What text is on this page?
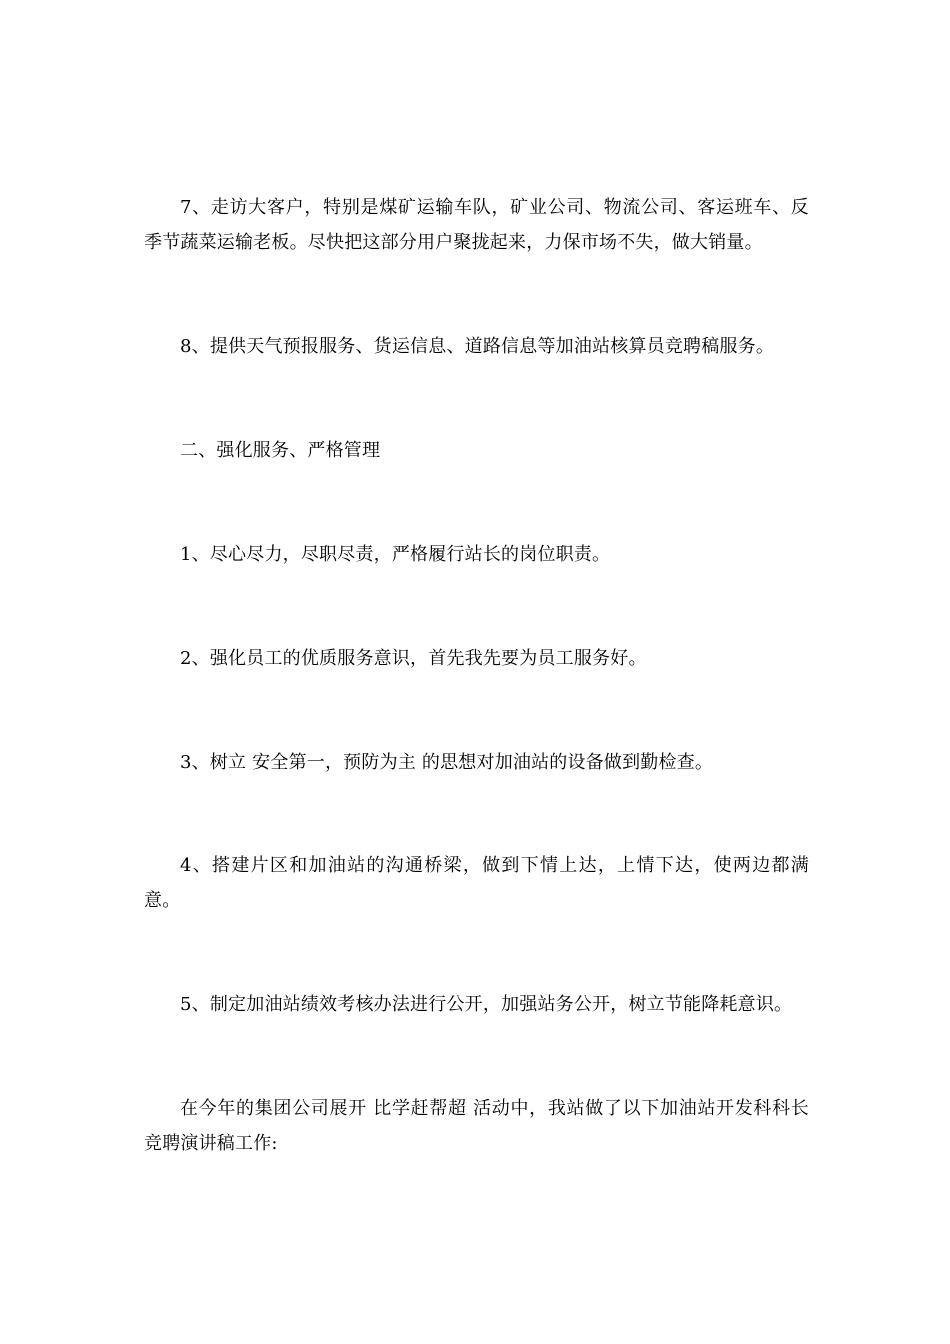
7、走访大客户，特别是煤矿运输车队，矿业公司、物流公司、客运班车、反季节蔬菜运输老板。尽快把这部分用户聚拢起来，力保市场不失，做大销量。

8、提供天气预报服务、货运信息、道路信息等加油站核算员竞聘稿服务。

二、强化服务、严格管理

1、尽心尽力，尽职尽责，严格履行站长的岗位职责。

2、强化员工的优质服务意识，首先我先要为员工服务好。

3、树立 安全第一，预防为主 的思想对加油站的设备做到勤检查。

4、搭建片区和加油站的沟通桥梁，做到下情上达，上情下达，使两边都满意。

5、制定加油站绩效考核办法进行公开，加强站务公开，树立节能降耗意识。

在今年的集团公司展开 比学赶帮超 活动中，我站做了以下加油站开发科科长竞聘演讲稿工作:
